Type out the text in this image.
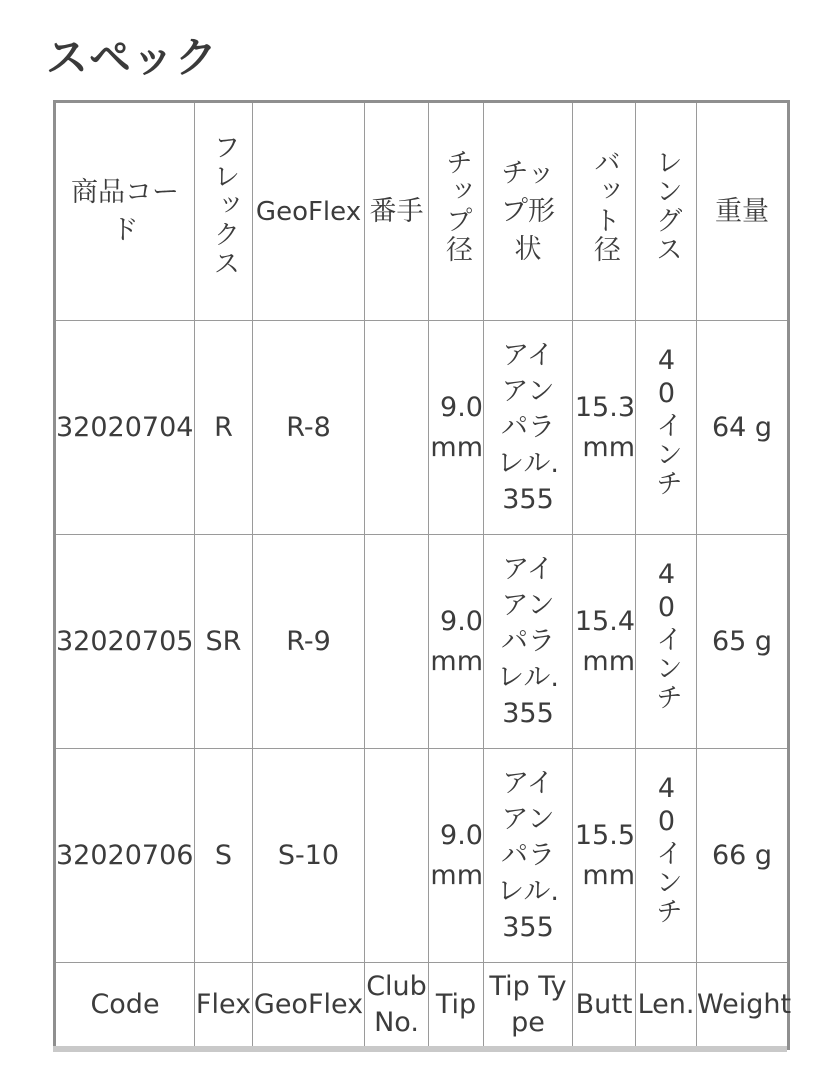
スペック
商品コード	フレックス	GeoFlex	番手	チップ径	チップ形状	バット径	レングス	重量
32020704	R	R-8		9.0 mm	アイアンパラレル.355	15.3 mm	40インチ	64 g
32020705	SR	R-9		9.0 mm	アイアンパラレル.355	15.4 mm	40インチ	65 g
32020706	S	S-10		9.0 mm	アイアンパラレル.355	15.5 mm	40インチ	66 g
Code	Flex	GeoFlex	Club No.	Tip	Tip Type	Butt	Len.	Weight
